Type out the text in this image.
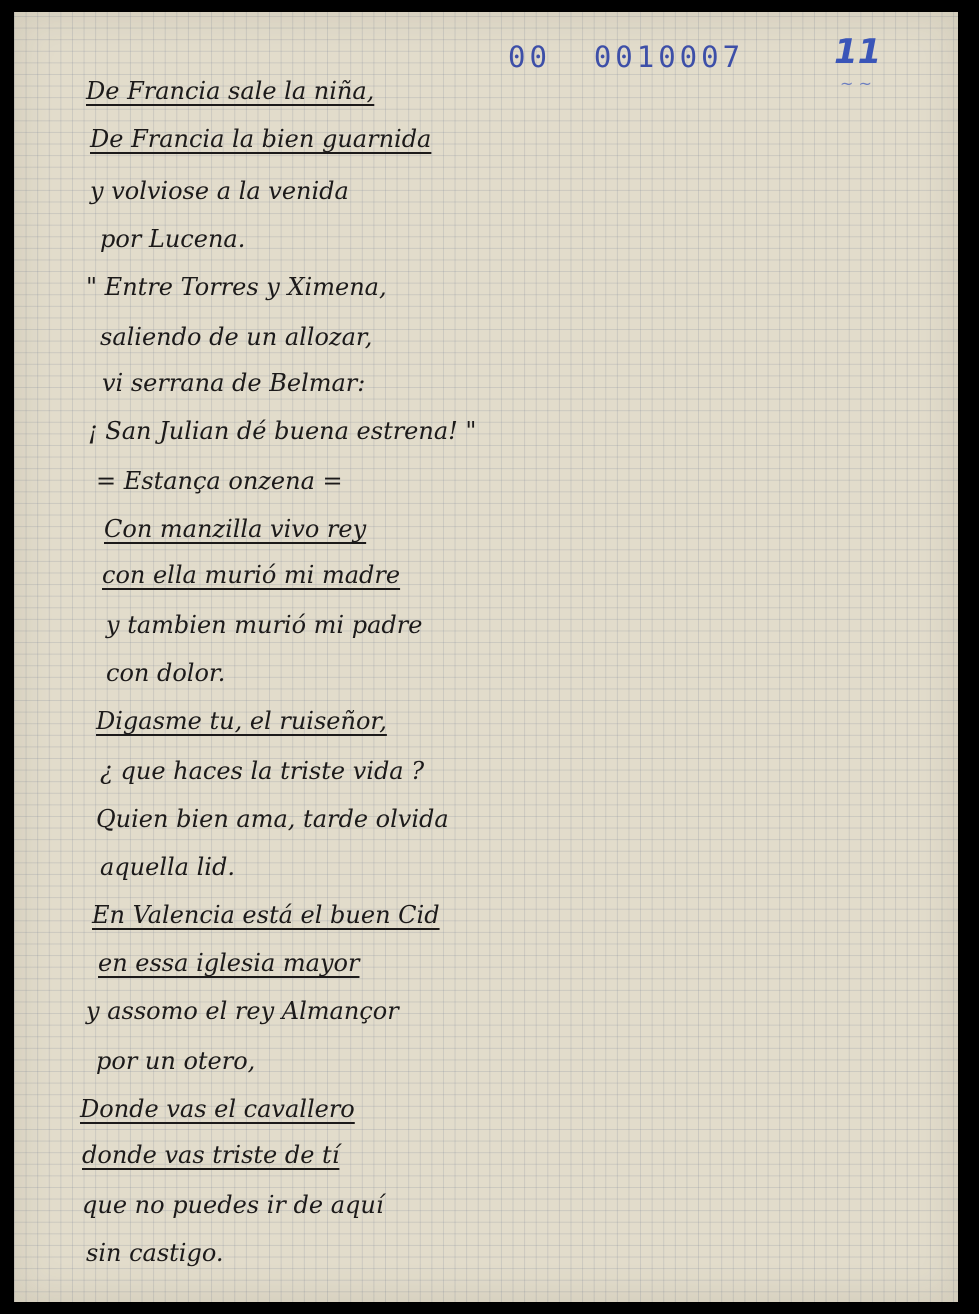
00  0010007	11
~ ~
De Francia sale la niña,
De Francia la bien guarnida
y volviose a la venida
por Lucena.
" Entre Torres y Ximena,
saliendo de un allozar,
vi serrana de Belmar:
¡ San Julian dé buena estrena! "
= Estança onzena =
Con manzilla vivo rey
con ella murió mi madre
y tambien murió mi padre
con dolor.
Digasme tu, el ruiseñor,
¿ que haces la triste vida ?
Quien bien ama, tarde olvida
aquella lid.
En Valencia está el buen Cid
en essa iglesia mayor
y assomo el rey Almançor
por un otero,
Donde vas el cavallero
donde vas triste de tí
que no puedes ir de aquí
sin castigo.
